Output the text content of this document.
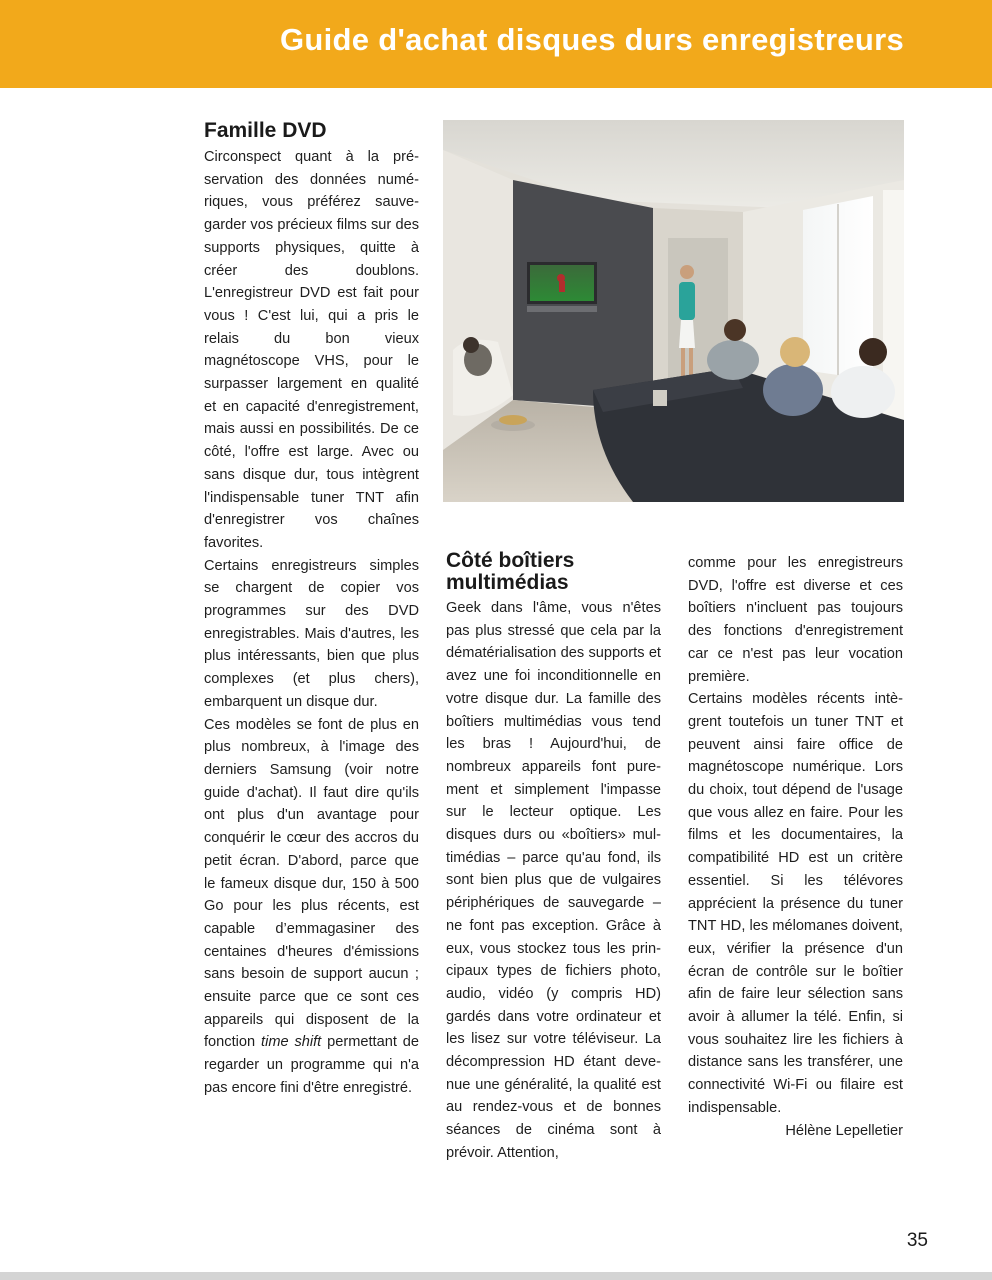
Guide d'achat disques durs enregistreurs
Famille DVD

Circonspect quant à la préservation des données numériques, vous préférez sauvegarder vos précieux films sur des supports physiques, quitte à créer des doublons. L'enregistreur DVD est fait pour vous ! C'est lui, qui a pris le relais du bon vieux magnétoscope VHS, pour le surpasser largement en qualité et en capacité d'enregistrement, mais aussi en possibilités. De ce côté, l'offre est large. Avec ou sans disque dur, tous intègrent l'indispensable tuner TNT afin d'enregistrer vos chaînes favorites.

Certains enregistreurs simples se chargent de copier vos programmes sur des DVD enregistrables. Mais d'autres, les plus intéressants, bien que plus complexes (et plus chers), embarquent un disque dur.

Ces modèles se font de plus en plus nombreux, à l'image des derniers Samsung (voir notre guide d'achat). Il faut dire qu'ils ont plus d'un avantage pour conquérir le cœur des accros du petit écran. D'abord, parce que le fameux disque dur, 150 à 500 Go pour les plus récents, est capable d’emmagasiner des centaines d'heures d'émissions sans besoin de support aucun ; ensuite parce que ce sont ces appareils qui disposent de la fonction time shift permettant de regarder un programme qui n'a pas encore fini d'être enregistré.

Côté boîtiers multimédias

Geek dans l'âme, vous n'êtes pas plus stressé que cela par la dématérialisation des supports et avez une foi inconditionnelle en votre disque dur. La famille des boîtiers multimédias vous tend les bras ! Aujourd'hui, de nombreux appareils font purement et simplement l'impasse sur le lecteur optique. Les disques durs ou «boîtiers» multimédias – parce qu'au fond, ils sont bien plus que de vulgaires périphériques de sauvegarde – ne font pas exception. Grâce à eux, vous stockez tous les principaux types de fichiers photo, audio, vidéo (y compris HD) gardés dans votre ordinateur et les lisez sur votre téléviseur. La décompression HD étant devenue une généralité, la qualité est au rendez-vous et de bonnes séances de cinéma sont à prévoir. Attention,

comme pour les enregistreurs DVD, l'offre est diverse et ces boîtiers n'incluent pas toujours des fonctions d'enregistrement car ce n'est pas leur vocation première.

Certains modèles récents intègrent toutefois un tuner TNT et peuvent ainsi faire office de magnétoscope numérique. Lors du choix, tout dépend de l'usage que vous allez en faire. Pour les films et les documentaires, la compatibilité HD est un critère essentiel. Si les télévores apprécient la présence du tuner TNT HD, les mélomanes doivent, eux, vérifier la présence d'un écran de contrôle sur le boîtier afin de faire leur sélection sans avoir à allumer la télé. Enfin, si vous souhaitez lire les fichiers à distance sans les transférer, une connectivité Wi-Fi ou filaire est indispensable.

Hélène Lepelletier

35
